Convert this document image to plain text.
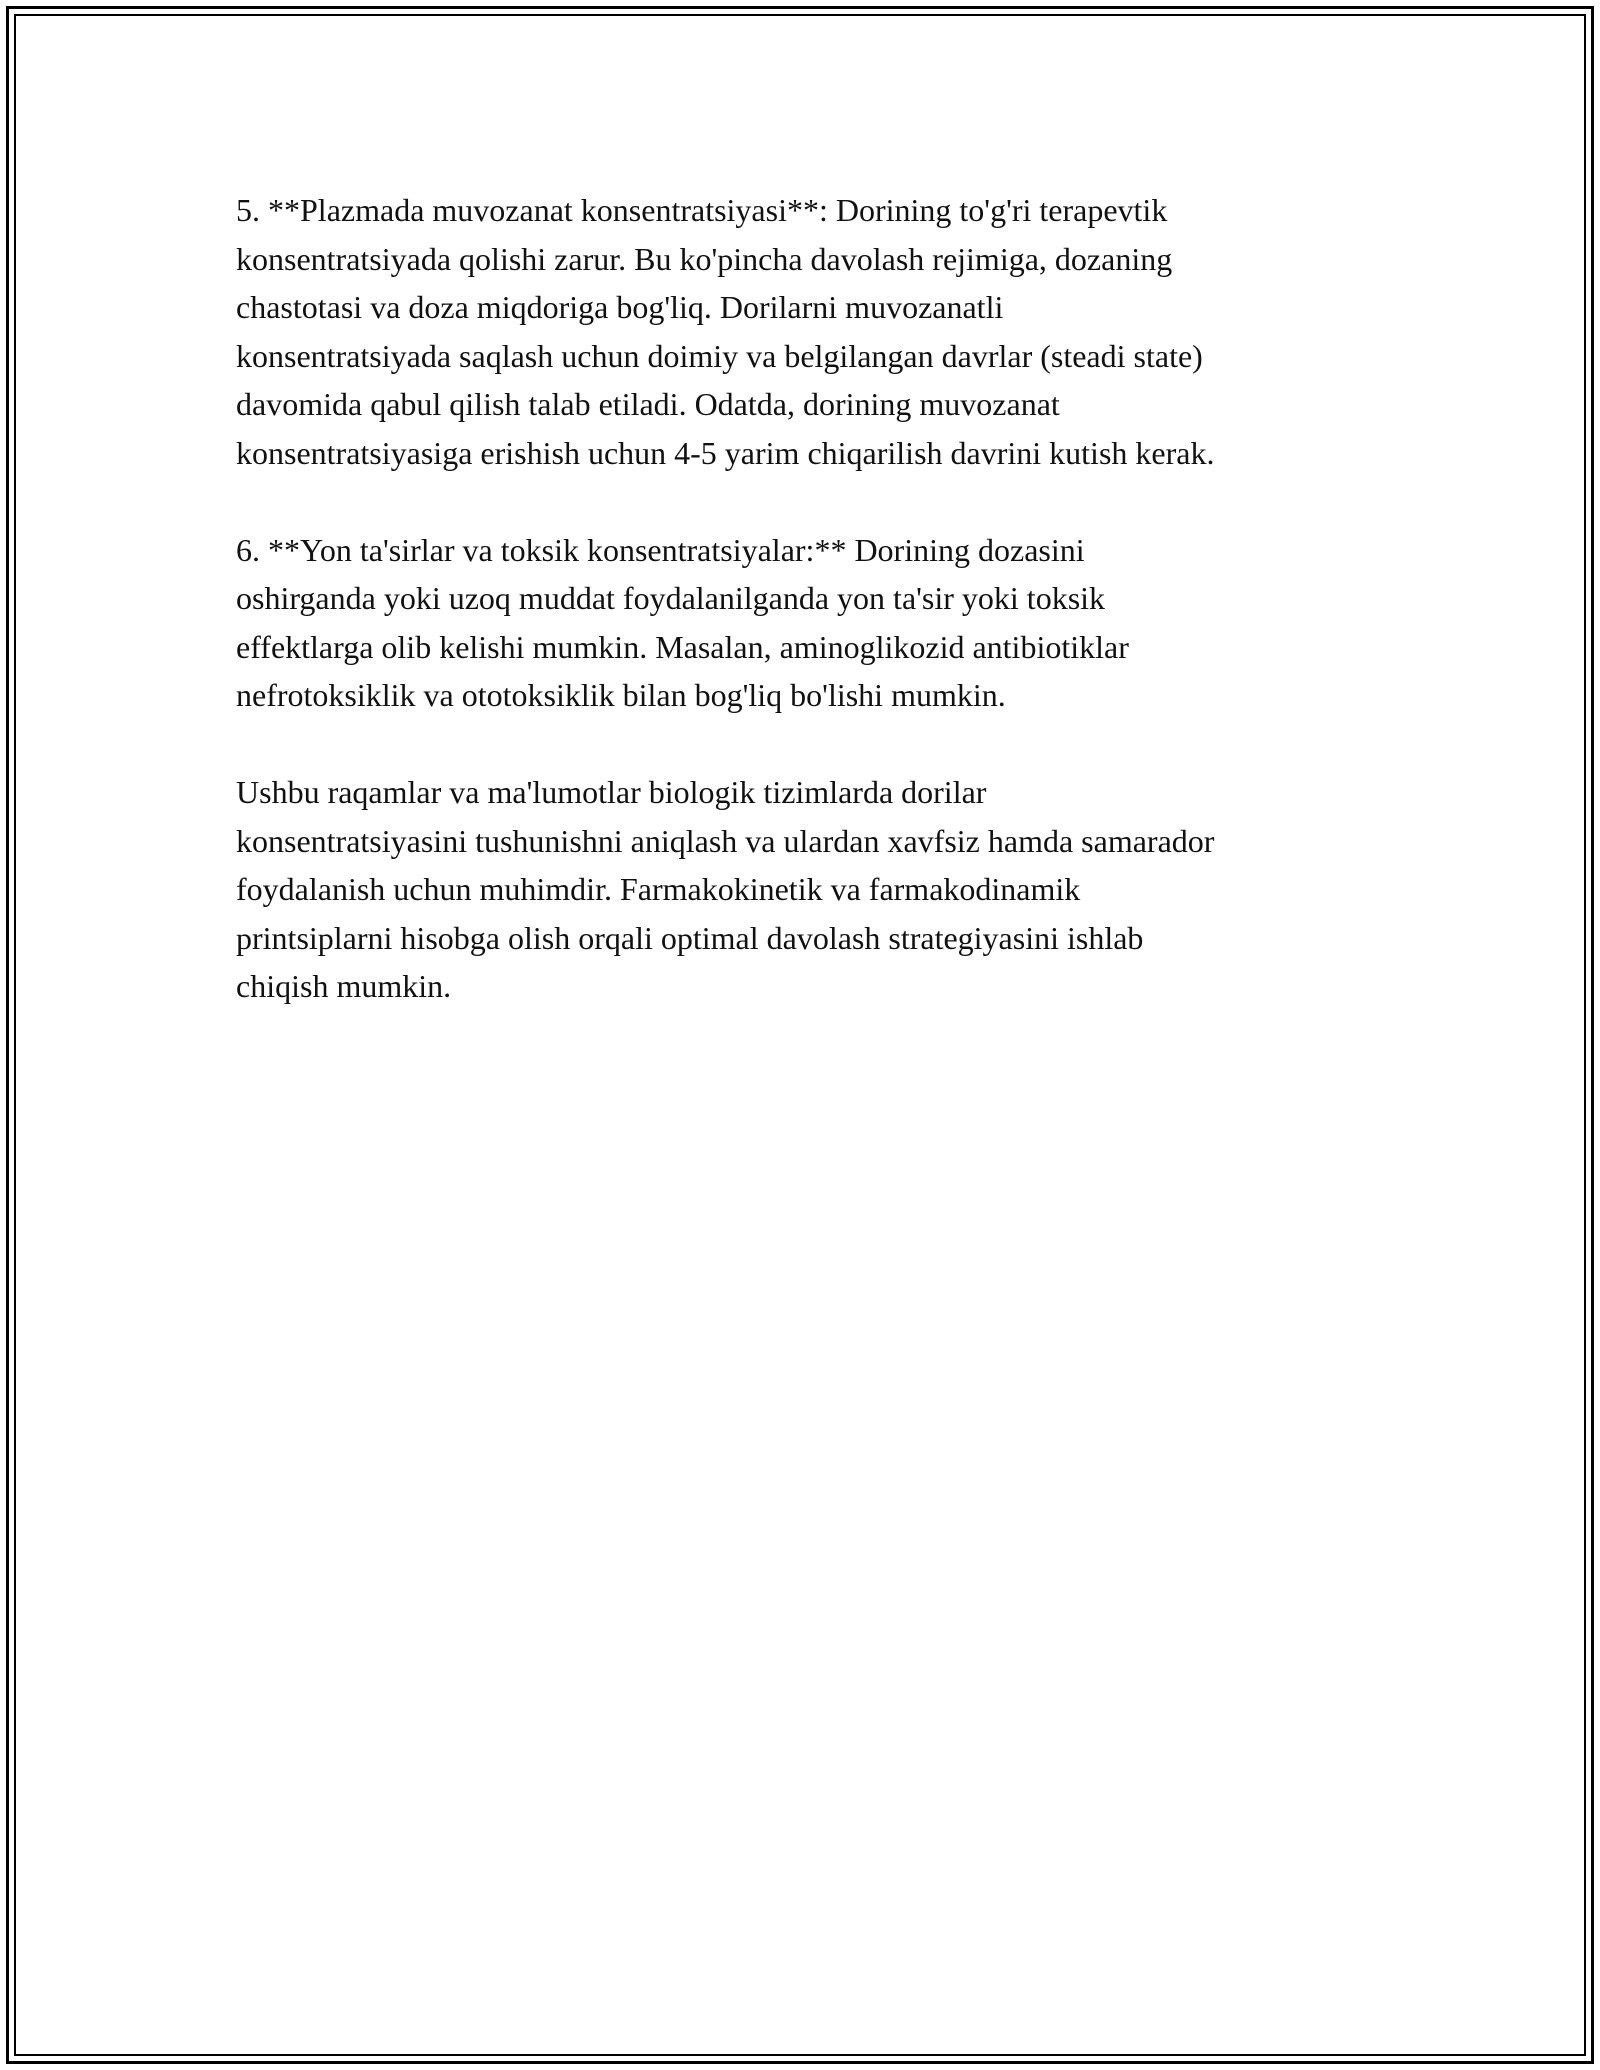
5. **Plazmada muvozanat konsentratsiyasi**: Dorining to'g'ri terapevtik
konsentratsiyada qolishi zarur. Bu ko'pincha davolash rejimiga, dozaning
chastotasi va doza miqdoriga bog'liq. Dorilarni muvozanatli
konsentratsiyada saqlash uchun doimiy va belgilangan davrlar (steadi state)
davomida qabul qilish talab etiladi. Odatda, dorining muvozanat
konsentratsiyasiga erishish uchun 4-5 yarim chiqarilish davrini kutish kerak.

6. **Yon ta'sirlar va toksik konsentratsiyalar:** Dorining dozasini
oshirganda yoki uzoq muddat foydalanilganda yon ta'sir yoki toksik
effektlarga olib kelishi mumkin. Masalan, aminoglikozid antibiotiklar
nefrotoksiklik va ototoksiklik bilan bog'liq bo'lishi mumkin.

Ushbu raqamlar va ma'lumotlar biologik tizimlarda dorilar
konsentratsiyasini tushunishni aniqlash va ulardan xavfsiz hamda samarador
foydalanish uchun muhimdir. Farmakokinetik va farmakodinamik
printsiplarni hisobga olish orqali optimal davolash strategiyasini ishlab
chiqish mumkin.
